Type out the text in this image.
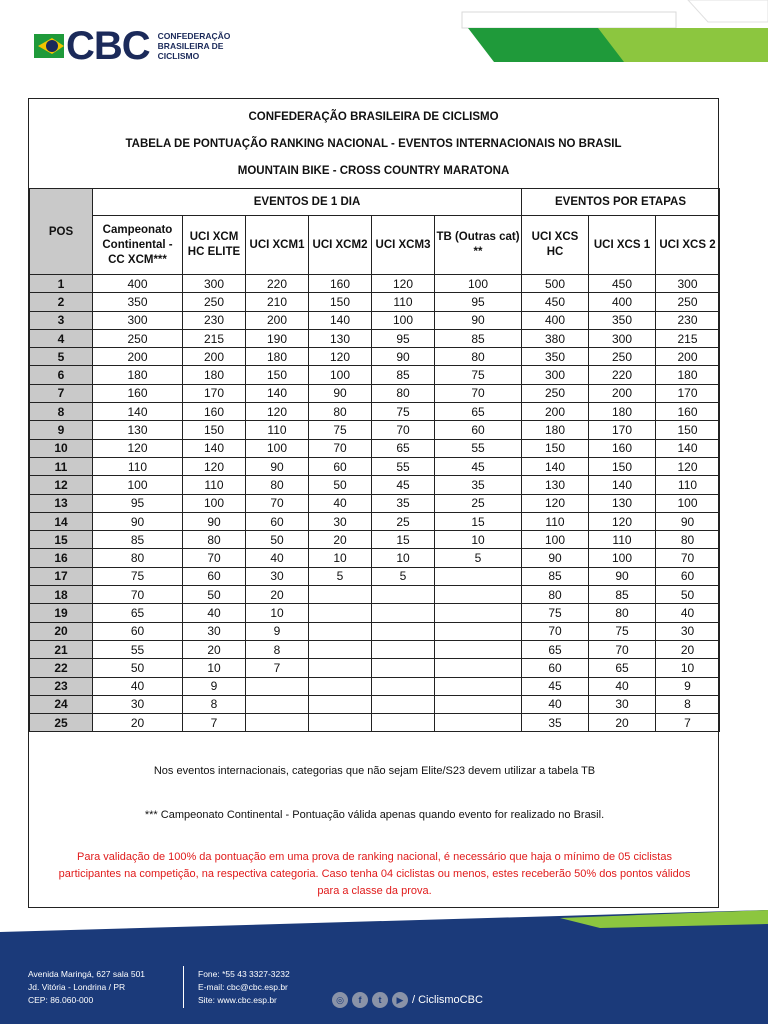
CBC CONFEDERAÇÃO
BRASILEIRA DE
CICLISMO
CONFEDERAÇÃO BRASILEIRA DE CICLISMO
TABELA DE PONTUAÇÃO RANKING NACIONAL - EVENTOS INTERNACIONAIS NO BRASIL
MOUNTAIN BIKE - CROSS COUNTRY MARATONA
POS	EVENTOS DE 1 DIA						EVENTOS POR ETAPAS		
	Campeonato Continental - CC XCM***	UCI XCM HC ELITE	UCI XCM1	UCI XCM2	UCI XCM3	TB (Outras cat) **	UCI XCS HC	UCI XCS 1	UCI XCS 2
1	400	300	220	160	120	100	500	450	300
2	350	250	210	150	110	95	450	400	250
3	300	230	200	140	100	90	400	350	230
4	250	215	190	130	95	85	380	300	215
5	200	200	180	120	90	80	350	250	200
6	180	180	150	100	85	75	300	220	180
7	160	170	140	90	80	70	250	200	170
8	140	160	120	80	75	65	200	180	160
9	130	150	110	75	70	60	180	170	150
10	120	140	100	70	65	55	150	160	140
11	110	120	90	60	55	45	140	150	120
12	100	110	80	50	45	35	130	140	110
13	95	100	70	40	35	25	120	130	100
14	90	90	60	30	25	15	110	120	90
15	85	80	50	20	15	10	100	110	80
16	80	70	40	10	10	5	90	100	70
17	75	60	30	5	5		85	90	60
18	70	50	20				80	85	50
19	65	40	10				75	80	40
20	60	30	9				70	75	30
21	55	20	8				65	70	20
22	50	10	7				60	65	10
23	40	9					45	40	9
24	30	8					40	30	8
25	20	7					35	20	7
Nos eventos internacionais, categorias que não sejam Elite/S23 devem utilizar a tabela TB
*** Campeonato Continental - Pontuação válida apenas quando evento for realizado no Brasil.
Para validação de 100% da pontuação em uma prova de ranking nacional, é necessário que haja o mínimo de 05 ciclistas participantes na competição, na respectiva categoria. Caso tenha 04 ciclistas ou menos, estes receberão 50% dos pontos válidos para a classe da prova.
Avenida Maringá, 627 sala 501
Jd. Vitória - Londrina / PR
CEP: 86.060-000
Fone: *55 43 3327-3232
E-mail: cbc@cbc.esp.br
Site: www.cbc.esp.br	◎	f	t	▶ / CiclismoCBC
